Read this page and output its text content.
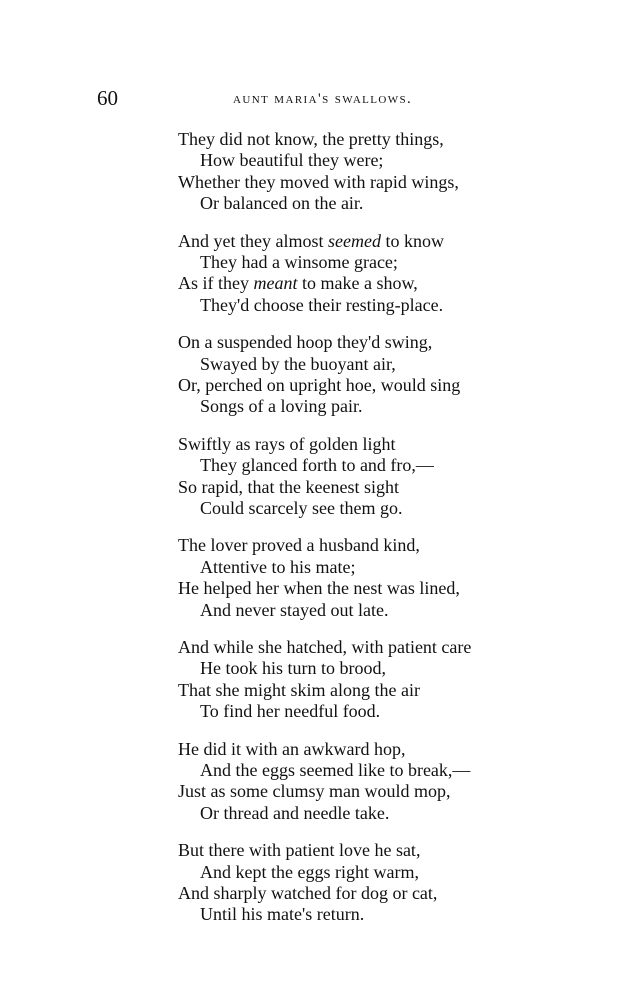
60	aunt maria's swallows.
They did not know, the pretty things,
How beautiful they were;
Whether they moved with rapid wings,
Or balanced on the air.
And yet they almost seemed to know
They had a winsome grace;
As if they meant to make a show,
They'd choose their resting-place.
On a suspended hoop they'd swing,
Swayed by the buoyant air,
Or, perched on upright hoe, would sing
Songs of a loving pair.
Swiftly as rays of golden light
They glanced forth to and fro,—
So rapid, that the keenest sight
Could scarcely see them go.
The lover proved a husband kind,
Attentive to his mate;
He helped her when the nest was lined,
And never stayed out late.
And while she hatched, with patient care
He took his turn to brood,
That she might skim along the air
To find her needful food.
He did it with an awkward hop,
And the eggs seemed like to break,—
Just as some clumsy man would mop,
Or thread and needle take.
But there with patient love he sat,
And kept the eggs right warm,
And sharply watched for dog or cat,
Until his mate's return.
